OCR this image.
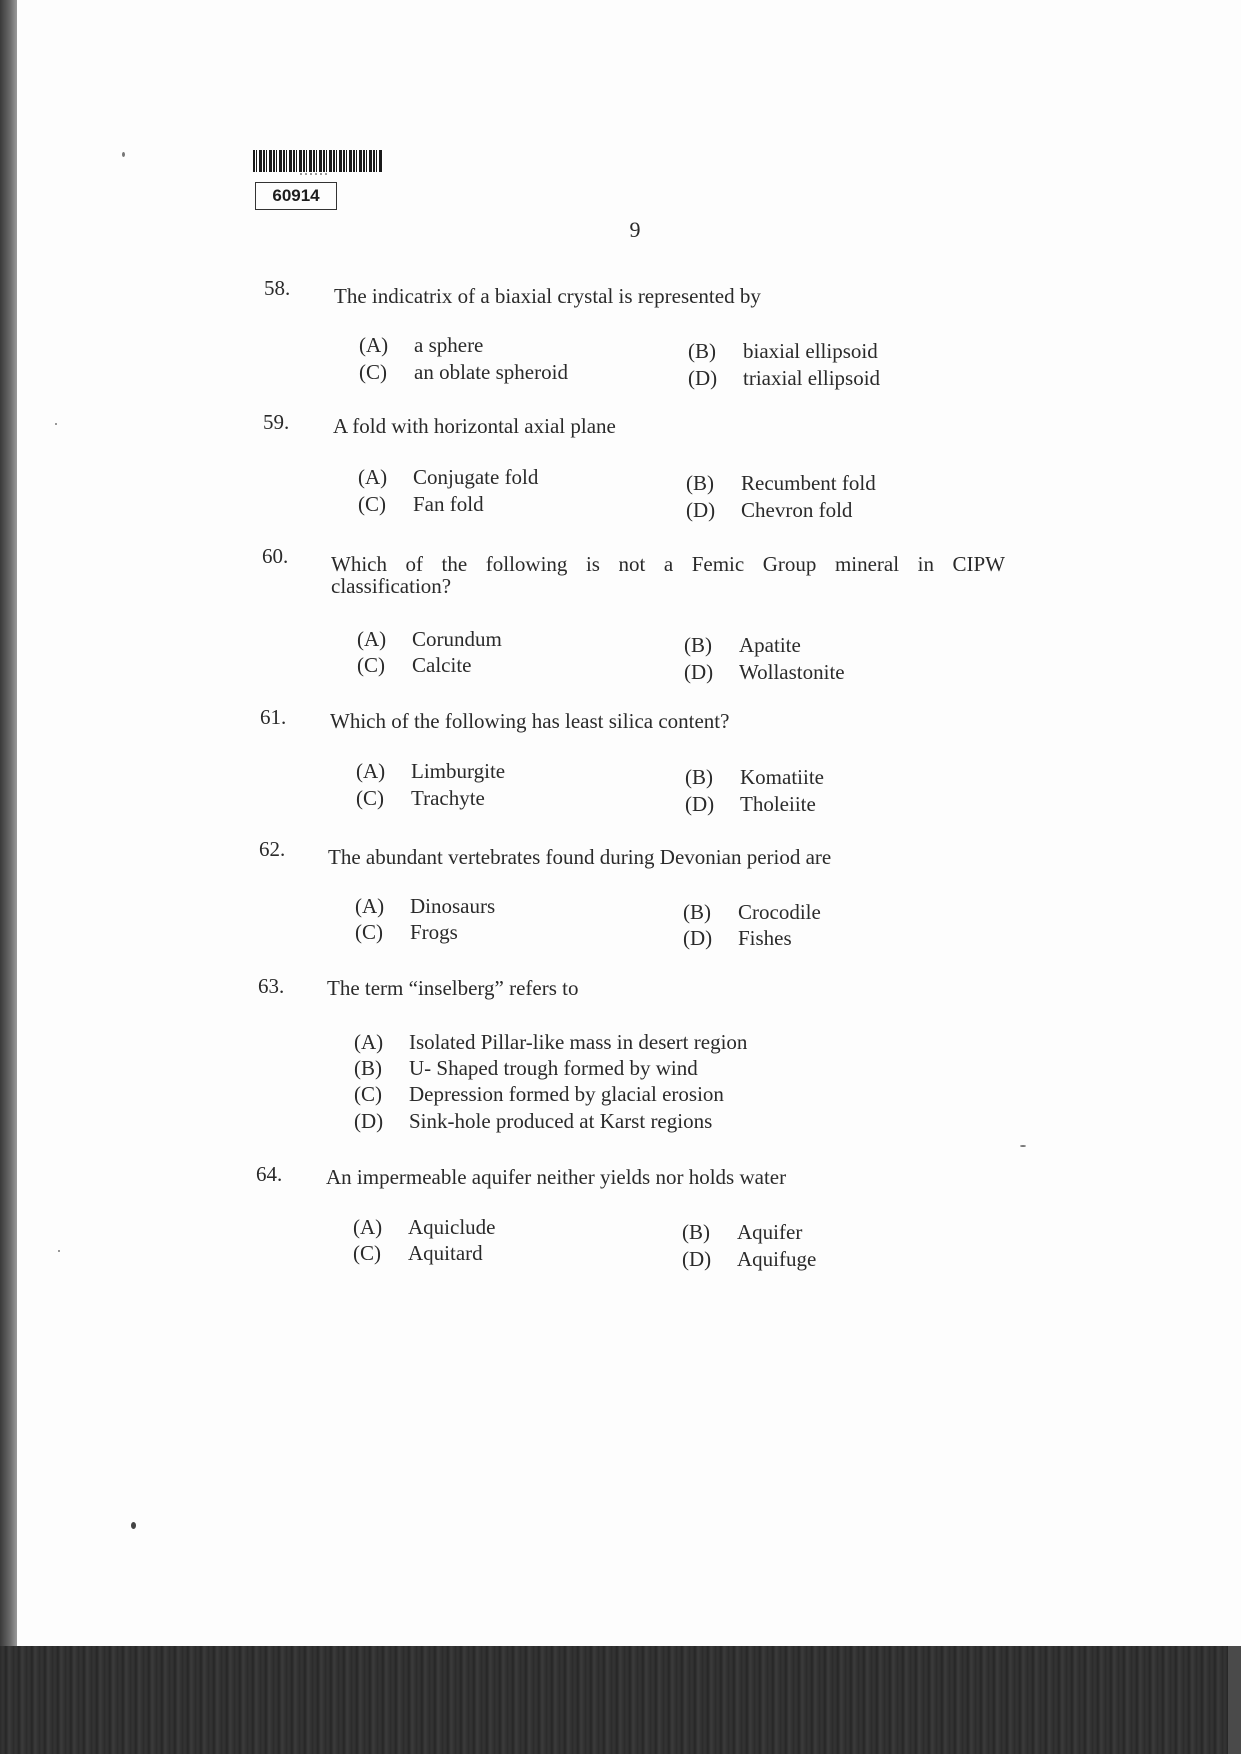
60914
9
58. The indicatrix of a biaxial crystal is represented by
(A) a sphere	(B) biaxial ellipsoid
(C) an oblate spheroid	(D) triaxial ellipsoid
59. A fold with horizontal axial plane
(A) Conjugate fold	(B) Recumbent fold
(C) Fan fold	(D) Chevron fold
60. Which of the following is not a Femic Group mineral in CIPW
classification?
(A) Corundum	(B) Apatite
(C) Calcite	(D) Wollastonite
61. Which of the following has least silica content?
(A) Limburgite	(B) Komatiite
(C) Trachyte	(D) Tholeiite
62. The abundant vertebrates found during Devonian period are
(A) Dinosaurs	(B) Crocodile
(C) Frogs	(D) Fishes
63. The term “inselberg” refers to
(A) Isolated Pillar-like mass in desert region
(B) U- Shaped trough formed by wind
(C) Depression formed by glacial erosion
(D) Sink-hole produced at Karst regions
64. An impermeable aquifer neither yields nor holds water
(A) Aquiclude	(B) Aquifer
(C) Aquitard	(D) Aquifuge
